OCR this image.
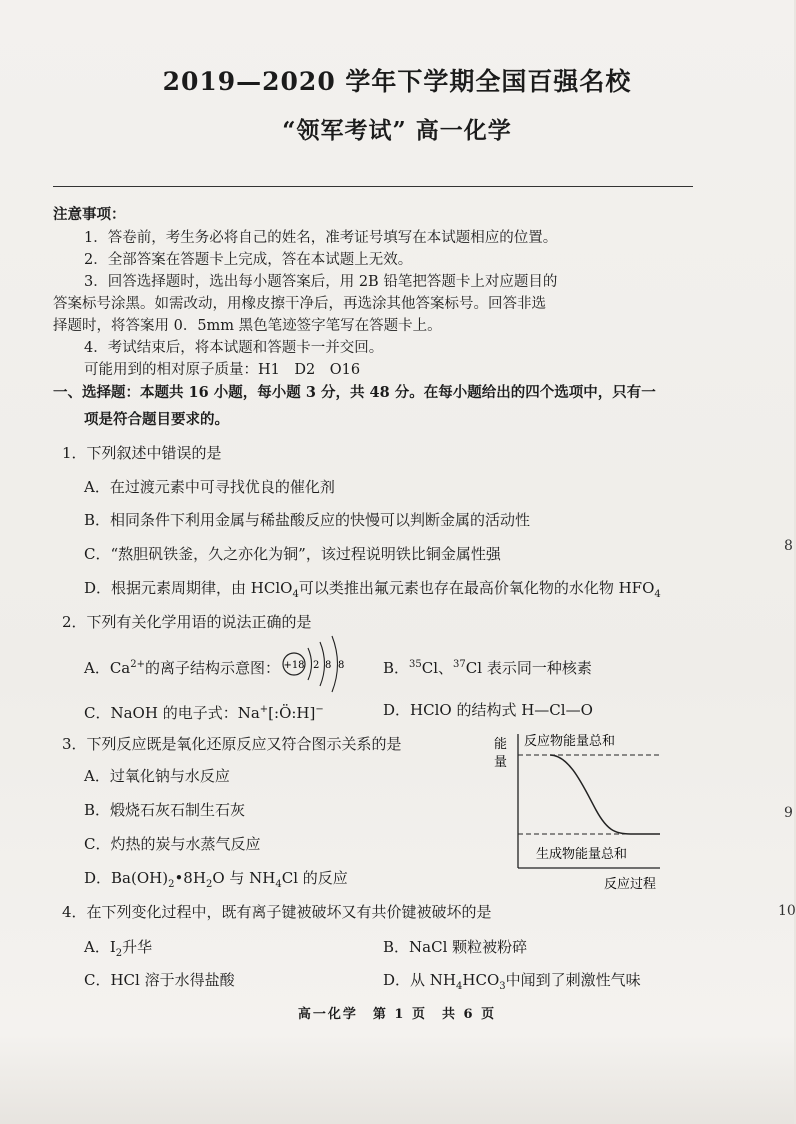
2019—2020 学年下学期全国百强名校
“领军考试” 高一化学
注意事项：
1．答卷前，考生务必将自己的姓名，准考证号填写在本试题相应的位置。
2．全部答案在答题卡上完成，答在本试题上无效。
3．回答选择题时，选出每小题答案后，用 2B 铅笔把答题卡上对应题目的
答案标号涂黑。如需改动，用橡皮擦干净后，再选涂其他答案标号。回答非选
择题时，将答案用 0．5mm 黑色笔迹签字笔写在答题卡上。
4．考试结束后，将本试题和答题卡一并交回。
可能用到的相对原子质量：H1　D2　O16
一、选择题：本题共 16 小题，每小题 3 分，共 48 分。在每小题给出的四个选项中，只有一
项是符合题目要求的。
1．下列叙述中错误的是
A．在过渡元素中可寻找优良的催化剂
B．相同条件下利用金属与稀盐酸反应的快慢可以判断金属的活动性
C．“熬胆矾铁釜，久之亦化为铜”，该过程说明铁比铜金属性强
D．根据元素周期律，由 HClO$_4$可以类推出氟元素也存在最高价氧化物的水化物 $HFO_4$
2．下列有关化学用语的说法正确的是
A．$Ca^{2+}$的离子结构示意图： +18 2 8 8	B．$^{35}$Cl、$^{37}$Cl 表示同一种核素
C．NaOH 的电子式：Na+[:Ö:H]−	D．HClO 的结构式 H—Cl—O
3．下列反应既是氧化还原反应又符合图示关系的是
A．过氧化钠与水反应
B．煅烧石灰石制生石灰
C．灼热的炭与水蒸气反应
D．$Ba(OH)_2•8H_2O$ 与 $NH_4Cl$ 的反应
能
量
反应物能量总和
生成物能量总和
反应过程
4．在下列变化过程中，既有离子键被破坏又有共价键被破坏的是
A．$I_2$升华	B．NaCl 颗粒被粉碎
C．HCl 溶于水得盐酸	D．从 $NH_4HCO_3$中闻到了刺激性气味
高一化学　第 1 页　共 6 页
8
9
10
